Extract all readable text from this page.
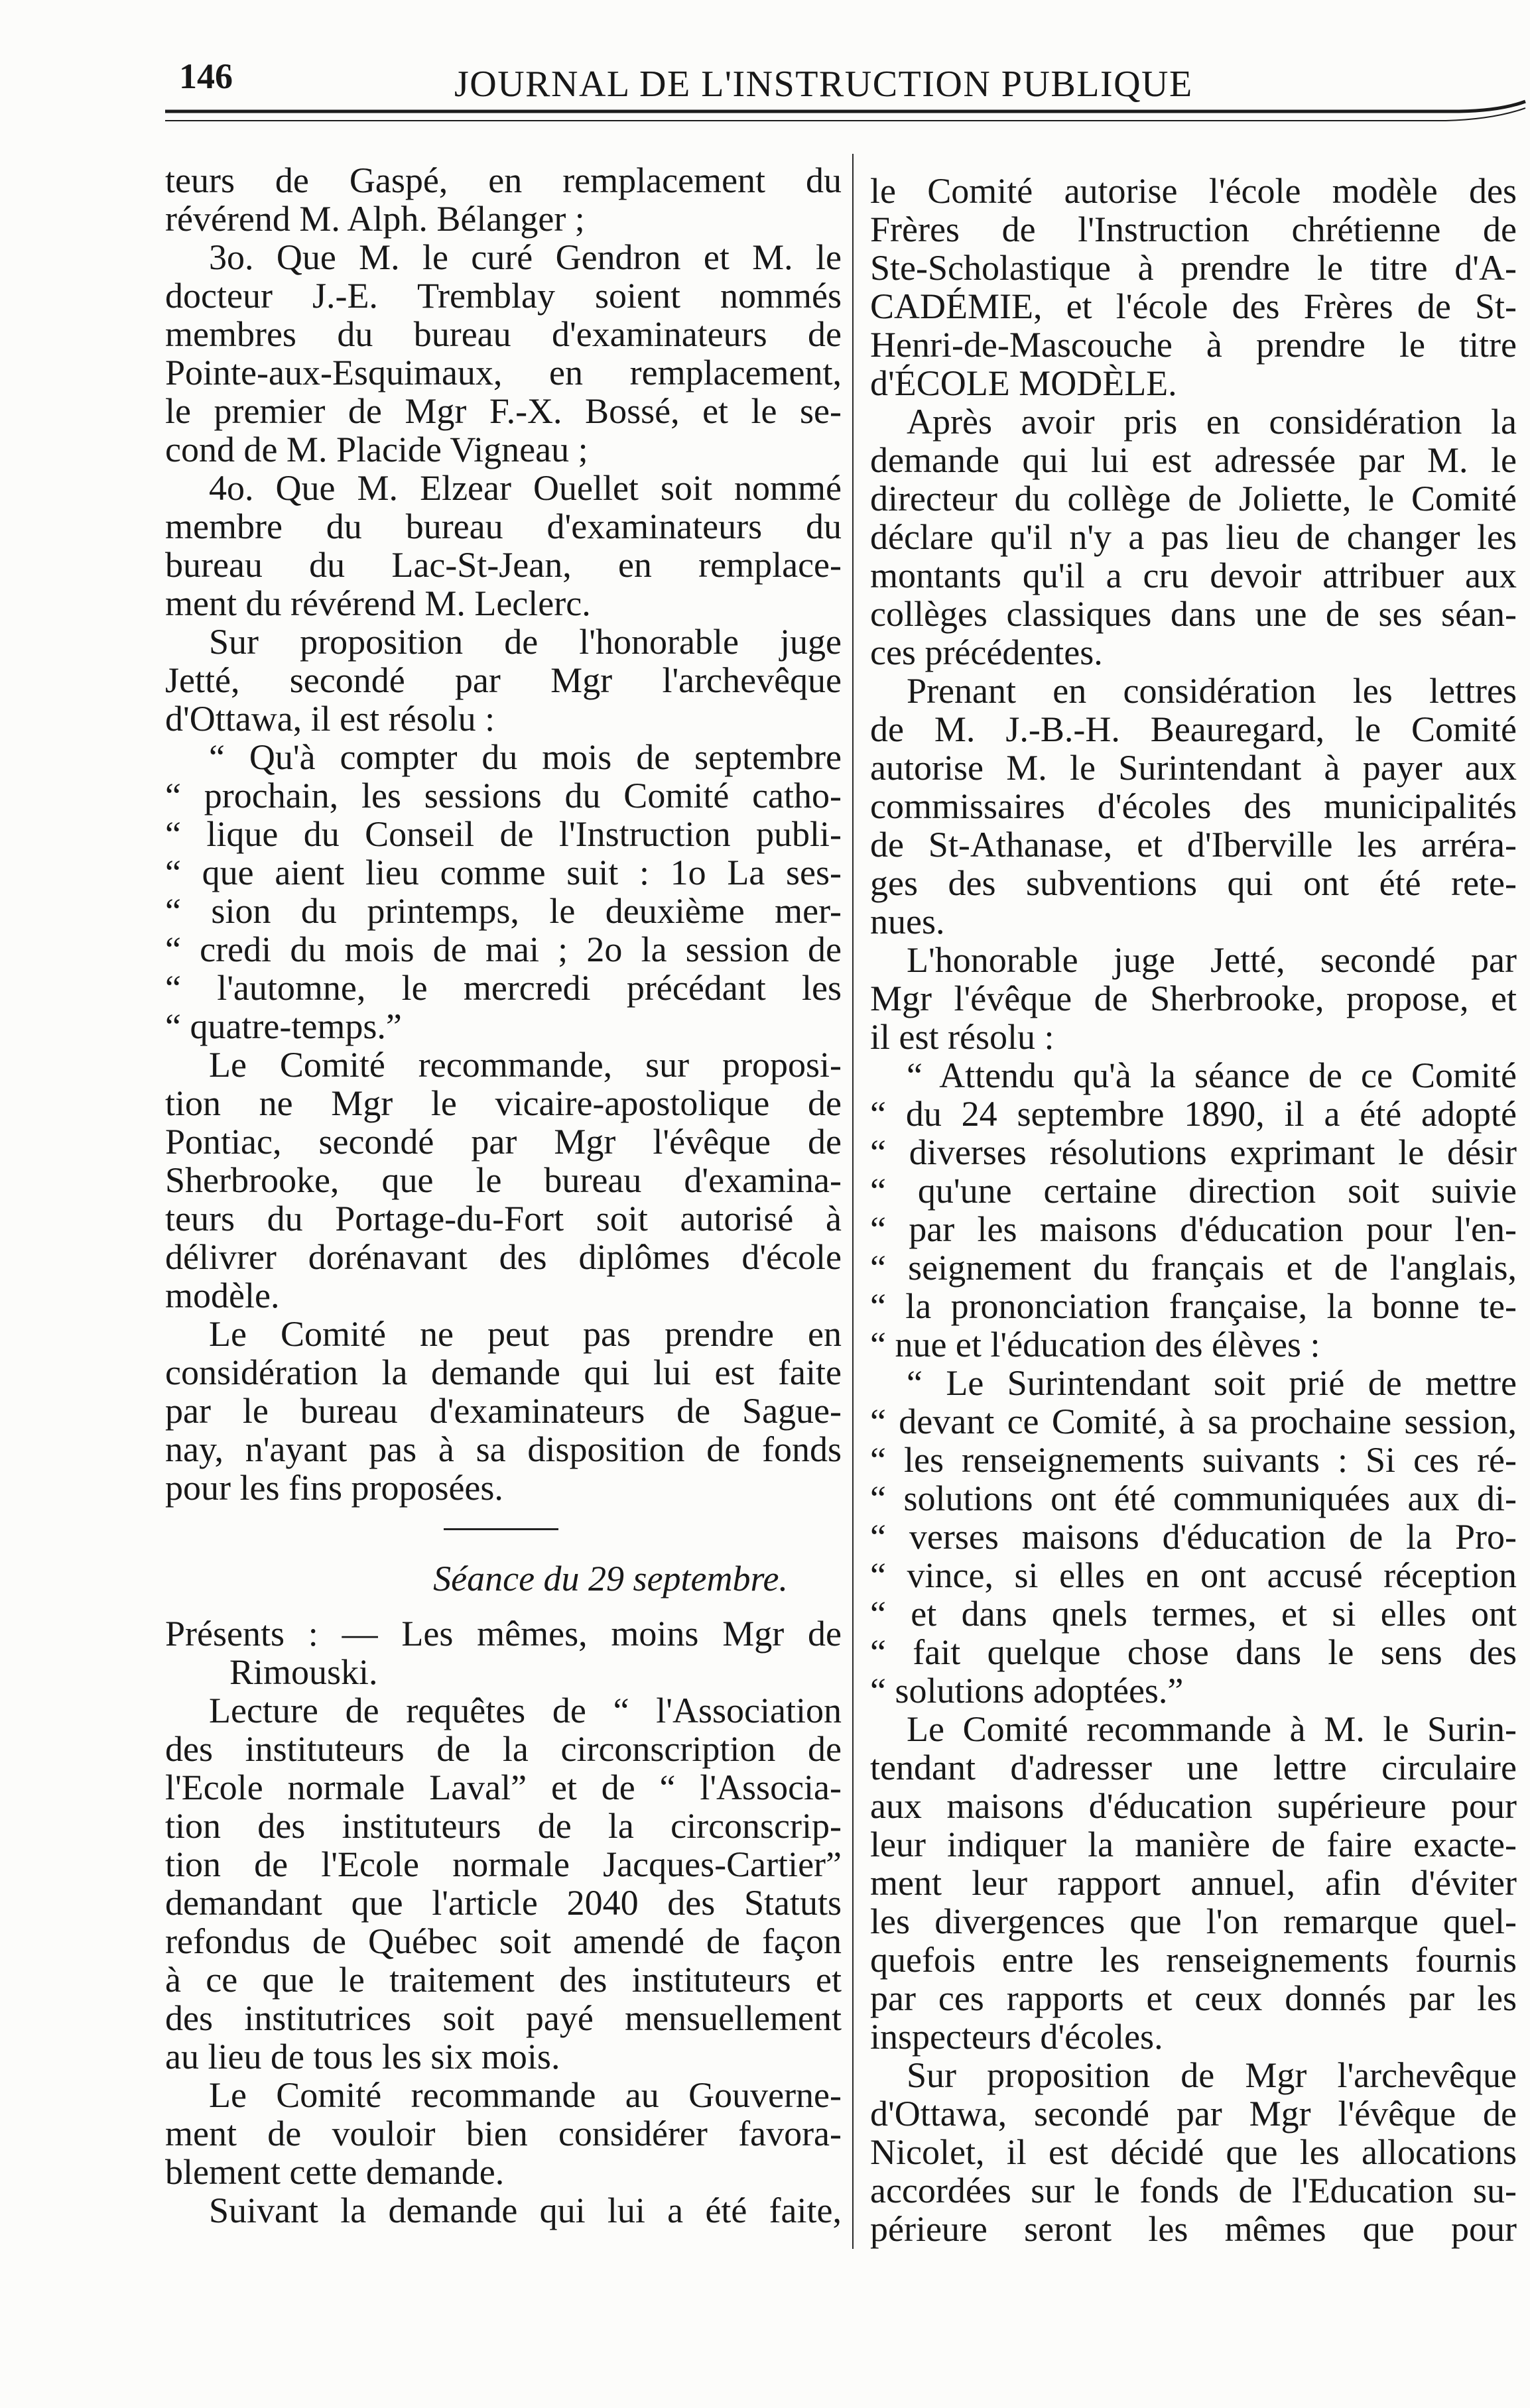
146	JOURNAL DE L'INSTRUCTION PUBLIQUE
teurs de Gaspé, en remplacement du
révérend M. Alph. Bélanger ;
3o. Que M. le curé Gendron et M. le
docteur J.-E. Tremblay soient nommés
membres du bureau d'examinateurs de
Pointe-aux-Esquimaux, en remplacement,
le premier de Mgr F.-X. Bossé, et le se-
cond de M. Placide Vigneau ;
4o. Que M. Elzear Ouellet soit nommé
membre du bureau d'examinateurs du
bureau du Lac-St-Jean, en remplace-
ment du révérend M. Leclerc.
Sur proposition de l'honorable juge
Jetté, secondé par Mgr l'archevêque
d'Ottawa, il est résolu :
“ Qu'à compter du mois de septembre
“ prochain, les sessions du Comité catho-
“ lique du Conseil de l'Instruction publi-
“ que aient lieu comme suit : 1o La ses-
“ sion du printemps, le deuxième mer-
“ credi du mois de mai ; 2o la session de
“ l'automne, le mercredi précédant les
“ quatre-temps.”
Le Comité recommande, sur proposi-
tion ne Mgr le vicaire-apostolique de
Pontiac, secondé par Mgr l'évêque de
Sherbrooke, que le bureau d'examina-
teurs du Portage-du-Fort soit autorisé à
délivrer dorénavant des diplômes d'école
modèle.
Le Comité ne peut pas prendre en
considération la demande qui lui est faite
par le bureau d'examinateurs de Sague-
nay, n'ayant pas à sa disposition de fonds
pour les fins proposées.
Séance du 29 septembre.
Présents : — Les mêmes, moins Mgr de
Rimouski.
Lecture de requêtes de “ l'Association
des instituteurs de la circonscription de
l'Ecole normale Laval” et de “ l'Associa-
tion des instituteurs de la circonscrip-
tion de l'Ecole normale Jacques-Cartier”
demandant que l'article 2040 des Statuts
refondus de Québec soit amendé de façon
à ce que le traitement des instituteurs et
des institutrices soit payé mensuellement
au lieu de tous les six mois.
Le Comité recommande au Gouverne-
ment de vouloir bien considérer favora-
blement cette demande.
Suivant la demande qui lui a été faite,
le Comité autorise l'école modèle des
Frères de l'Instruction chrétienne de
Ste-Scholastique à prendre le titre d'A-
CADÉMIE, et l'école des Frères de St-
Henri-de-Mascouche à prendre le titre
d'ÉCOLE MODÈLE.
Après avoir pris en considération la
demande qui lui est adressée par M. le
directeur du collège de Joliette, le Comité
déclare qu'il n'y a pas lieu de changer les
montants qu'il a cru devoir attribuer aux
collèges classiques dans une de ses séan-
ces précédentes.
Prenant en considération les lettres
de M. J.-B.-H. Beauregard, le Comité
autorise M. le Surintendant à payer aux
commissaires d'écoles des municipalités
de St-Athanase, et d'Iberville les arréra-
ges des subventions qui ont été rete-
nues.
L'honorable juge Jetté, secondé par
Mgr l'évêque de Sherbrooke, propose, et
il est résolu :
“ Attendu qu'à la séance de ce Comité
“ du 24 septembre 1890, il a été adopté
“ diverses résolutions exprimant le désir
“ qu'une certaine direction soit suivie
“ par les maisons d'éducation pour l'en-
“ seignement du français et de l'anglais,
“ la prononciation française, la bonne te-
“ nue et l'éducation des élèves :
“ Le Surintendant soit prié de mettre
“ devant ce Comité, à sa prochaine session,
“ les renseignements suivants : Si ces ré-
“ solutions ont été communiquées aux di-
“ verses maisons d'éducation de la Pro-
“ vince, si elles en ont accusé réception
“ et dans qnels termes, et si elles ont
“ fait quelque chose dans le sens des
“ solutions adoptées.”
Le Comité recommande à M. le Surin-
tendant d'adresser une lettre circulaire
aux maisons d'éducation supérieure pour
leur indiquer la manière de faire exacte-
ment leur rapport annuel, afin d'éviter
les divergences que l'on remarque quel-
quefois entre les renseignements fournis
par ces rapports et ceux donnés par les
inspecteurs d'écoles.
Sur proposition de Mgr l'archevêque
d'Ottawa, secondé par Mgr l'évêque de
Nicolet, il est décidé que les allocations
accordées sur le fonds de l'Education su-
périeure seront les mêmes que pour
